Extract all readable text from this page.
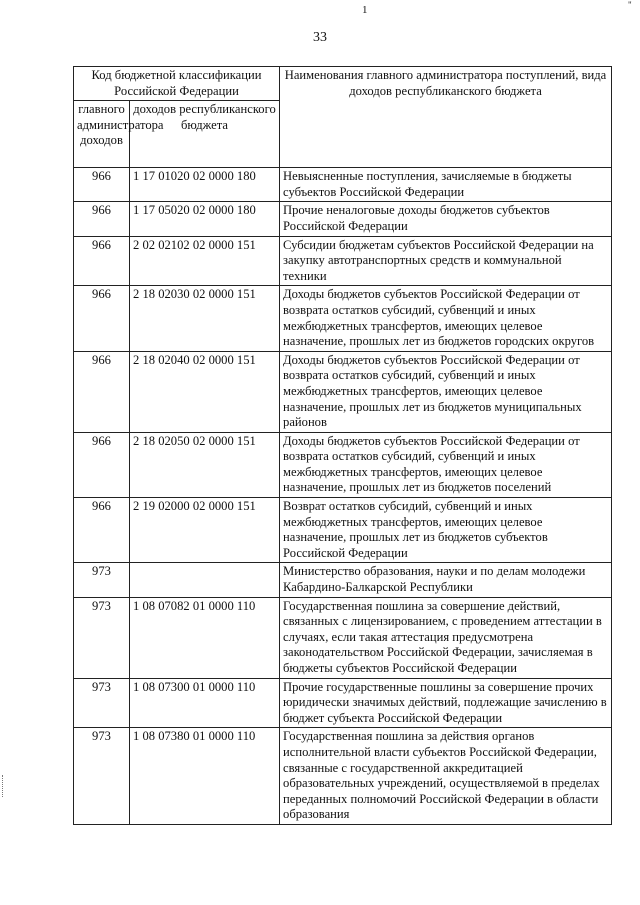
1	"
33
Код бюджетной классификации Российской Федерации		Наименования главного администратора поступлений, вида доходов республиканского бюджета
главного администратора доходов	доходов республиканского бюджета	
966	1 17 01020 02 0000 180	Невыясненные поступления, зачисляемые в бюджеты субъектов Российской Федерации
966	1 17 05020 02 0000 180	Прочие неналоговые доходы бюджетов субъектов Российской Федерации
966	2 02 02102 02 0000 151	Субсидии бюджетам субъектов Российской Федерации на закупку автотранспортных средств и коммунальной техники
966	2 18 02030 02 0000 151	Доходы бюджетов субъектов Российской Федерации от возврата остатков субсидий, субвенций и иных межбюджетных трансфертов, имеющих целевое назначение, прошлых лет из бюджетов городских округов
966	2 18 02040 02 0000 151	Доходы бюджетов субъектов Российской Федерации от возврата остатков субсидий, субвенций и иных межбюджетных трансфертов, имеющих целевое назначение, прошлых лет из бюджетов муниципальных районов
966	2 18 02050 02 0000 151	Доходы бюджетов субъектов Российской Федерации от возврата остатков субсидий, субвенций и иных межбюджетных трансфертов, имеющих целевое назначение, прошлых лет из бюджетов поселений
966	2 19 02000 02 0000 151	Возврат остатков субсидий, субвенций и иных межбюджетных трансфертов, имеющих целевое назначение, прошлых лет из бюджетов субъектов Российской Федерации
973		Министерство образования, науки и по делам молодежи Кабардино-Балкарской Республики
973	1 08 07082 01 0000 110	Государственная пошлина за совершение действий, связанных с лицензированием, с проведением аттестации в случаях, если такая аттестация предусмотрена законодательством Российской Федерации, зачисляемая в бюджеты субъектов Российской Федерации
973	1 08 07300 01 0000 110	Прочие государственные пошлины за совершение прочих юридически значимых действий, подлежащие зачислению в бюджет субъекта Российской Федерации
973	1 08 07380 01 0000 110	Государственная пошлина за действия органов исполнительной власти субъектов Российской Федерации, связанные с государственной аккредитацией образовательных учреждений, осуществляемой в пределах переданных полномочий Российской Федерации в области образования
